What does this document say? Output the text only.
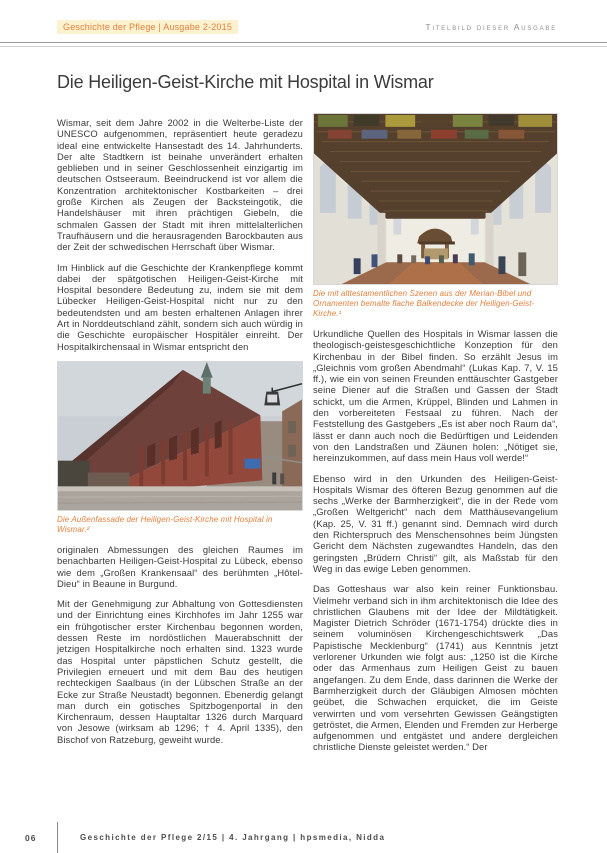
Geschichte der Pflege | Ausgabe 2-2015	Titelbild dieser Ausgabe
Die Heiligen-Geist-Kirche mit Hospital in Wismar

Wismar, seit dem Jahre 2002 in die Welterbe-Liste der UNESCO aufgenommen, repräsentiert heute geradezu ideal eine entwickelte Hansestadt des 14. Jahrhunderts. Der alte Stadtkern ist beinahe unverändert erhalten geblieben und in seiner Geschlossenheit einzigartig im deutschen Ostseeraum. Beeindruckend ist vor allem die Konzentration architektonischer Kostbarkeiten – drei große Kirchen als Zeugen der Backsteingotik, die Handelshäuser mit ihren prächtigen Giebeln, die schmalen Gassen der Stadt mit ihren mittelalterlichen Traufhäusern und die herausragenden Barockbauten aus der Zeit der schwedischen Herrschaft über Wismar.

Im Hinblick auf die Geschichte der Krankenpflege kommt dabei der spätgotischen Heiligen-Geist-Kirche mit Hospital besondere Bedeutung zu, indem sie mit dem Lübecker Heiligen-Geist-Hospital nicht nur zu den bedeutendsten und am besten erhaltenen Anlagen ihrer Art in Norddeutschland zählt, sondern sich auch würdig in die Geschichte europäischer Hospitäler einreiht. Der Hospitalkirchensaal in Wismar entspricht den

Die Außenfassade der Heiligen-Geist-Kirche mit Hospital in Wismar.²

originalen Abmessungen des gleichen Raumes im benachbarten Heiligen-Geist-Hospital zu Lübeck, ebenso wie dem „Großen Krankensaal“ des berühmten „Hôtel-Dieu“ in Beaune in Burgund.

Mit der Genehmigung zur Abhaltung von Gottesdiensten und der Einrichtung eines Kirchhofes im Jahr 1255 war ein frühgotischer erster Kirchenbau begonnen worden, dessen Reste im nordöstlichen Mauerabschnitt der jetzigen Hospitalkirche noch erhalten sind. 1323 wurde das Hospital unter päpstlichen Schutz gestellt, die Privilegien erneuert und mit dem Bau des heutigen rechteckigen Saalbaus (in der Lübschen Straße an der Ecke zur Straße Neustadt) begonnen. Ebenerdig gelangt man durch ein gotisches Spitzbogenportal in den Kirchenraum, dessen Hauptaltar 1326 durch Marquard von Jesowe (wirksam ab 1296; † 4. April 1335), den Bischof von Ratzeburg, geweiht wurde.

Die mit alttestamentlichen Szenen aus der Merian-Bibel und Ornamenten bemalte flache Balkendecke der Heiligen-Geist-Kirche.¹

Urkundliche Quellen des Hospitals in Wismar lassen die theologisch-geistesgeschichtliche Konzeption für den Kirchenbau in der Bibel finden. So erzählt Jesus im „Gleichnis vom großen Abendmahl“ (Lukas Kap. 7, V. 15 ff.), wie ein von seinen Freunden enttäuschter Gastgeber seine Diener auf die Straßen und Gassen der Stadt schickt, um die Armen, Krüppel, Blinden und Lahmen in den vorbereiteten Festsaal zu führen. Nach der Feststellung des Gastgebers „Es ist aber noch Raum da“, lässt er dann auch noch die Bedürftigen und Leidenden von den Landstraßen und Zäunen holen: „Nötiget sie, hereinzukommen, auf dass mein Haus voll werde!“

Ebenso wird in den Urkunden des Heiligen-Geist-Hospitals Wismar des öfteren Bezug genommen auf die sechs „Werke der Barmherzigkeit“, die in der Rede vom „Großen Weltgericht“ nach dem Matthäusevangelium (Kap. 25, V. 31 ff.) genannt sind. Demnach wird durch den Richterspruch des Menschensohnes beim Jüngsten Gericht dem Nächsten zugewandtes Handeln, das den geringsten „Brüdern Christi“ gilt, als Maßstab für den Weg in das ewige Leben genommen.

Das Gotteshaus war also kein reiner Funktionsbau. Vielmehr verband sich in ihm architektonisch die Idee des christlichen Glaubens mit der Idee der Mildtätigkeit. Magister Dietrich Schröder (1671-1754) drückte dies in seinem voluminösen Kirchengeschichtswerk „Das Papistische Mecklenburg“ (1741) aus Kenntnis jetzt verlorener Urkunden wie folgt aus: „1250 ist die Kirche oder das Armenhaus zum Heiligen Geist zu bauen angefangen. Zu dem Ende, dass darinnen die Werke der Barmherzigkeit durch der Gläubigen Almosen möchten geübet, die Schwachen erquicket, die im Geiste verwirrten und vom versehrten Gewissen Geängstigten getröstet, die Armen, Elenden und Fremden zur Herberge aufgenommen und entgästet und andere dergleichen christliche Dienste geleistet werden.“ Der

06	Geschichte der Pflege 2/15 | 4. Jahrgang | hpsmedia, Nidda
